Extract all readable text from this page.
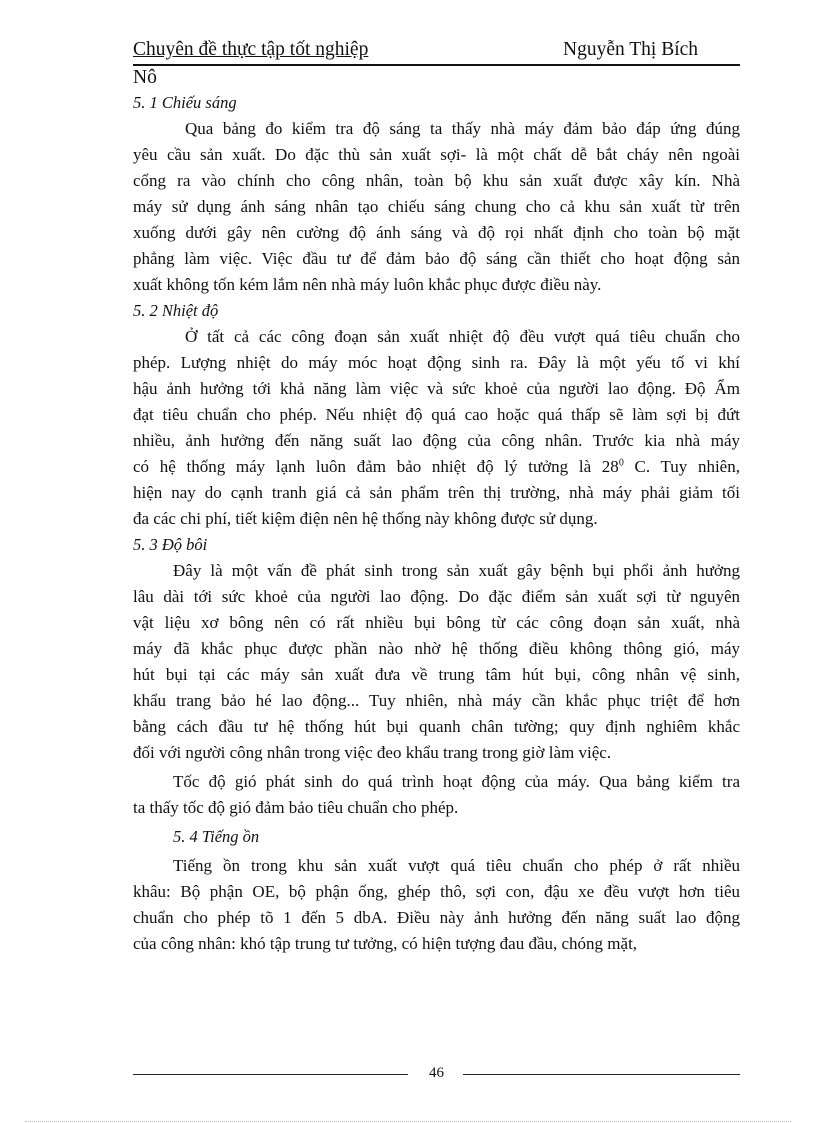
Chuyên đề thực tập tốt nghiệp	Nguyễn Thị Bích
Nô
5. 1 Chiếu sáng
Qua bảng đo kiểm tra độ sáng ta thấy nhà máy đảm bảo đáp ứng đúng
yêu cầu sản xuất. Do đặc thù sản xuất sợi- là một chất dễ bắt cháy nên ngoài
cổng ra vào chính cho công nhân, toàn bộ khu sản xuất được xây kín. Nhà
máy sử dụng ánh sáng nhân tạo chiếu sáng chung cho cả khu sản xuất từ trên
xuống dưới gây nên cường độ ánh sáng và độ rọi nhất định cho toàn bộ mặt
phẳng làm việc. Việc đầu tư để đảm bảo độ sáng cần thiết cho hoạt động sản
xuất không tốn kém lắm nên nhà máy luôn khắc phục được điều này.
5. 2 Nhiệt độ
Ở tất cả các công đoạn sản xuất nhiệt độ đều vượt quá tiêu chuẩn cho
phép. Lượng nhiệt do máy móc hoạt động sinh ra. Đây là một yếu tố vi khí
hậu ảnh hưởng tới khả năng làm việc và sức khoẻ của người lao động. Độ Ẩm
đạt tiêu chuẩn cho phép. Nếu nhiệt độ quá cao hoặc quá thấp sẽ làm sợi bị đứt
nhiều, ảnh hưởng đến năng suất lao động của công nhân. Trước kia nhà máy
có hệ thống máy lạnh luôn đảm bảo nhiệt độ lý tưởng là $28^0$ C. Tuy nhiên,
hiện nay do cạnh tranh giá cả sản phẩm trên thị trường, nhà máy phải giảm tối
đa các chi phí, tiết kiệm điện nên hệ thống này không được sử dụng.
5. 3 Độ bôi
Đây là một vấn đề phát sinh trong sản xuất gây bệnh bụi phổi ảnh hưởng
lâu dài tới sức khoẻ của người lao động. Do đặc điểm sản xuất sợi từ nguyên
vật liệu xơ bông nên có rất nhiều bụi bông từ các công đoạn sản xuất, nhà
máy đã khắc phục được phần nào nhờ hệ thống điều không thông gió, máy
hút bụi tại các máy sản xuất đưa về trung tâm hút bụi, công nhân vệ sinh,
khẩu trang bảo hé lao động... Tuy nhiên, nhà máy cần khắc phục triệt để hơn
bằng cách đầu tư hệ thống hút bụi quanh chân tường; quy định nghiêm khắc
đối với người công nhân trong việc đeo khẩu trang trong giờ làm việc.
Tốc độ gió phát sinh do quá trình hoạt động của máy. Qua bảng kiểm tra
ta thấy tốc độ gió đảm bảo tiêu chuẩn cho phép.
5. 4 Tiếng ồn
Tiếng ồn trong khu sản xuất vượt quá tiêu chuẩn cho phép ở rất nhiều
khâu: Bộ phận OE, bộ phận ống, ghép thô, sợi con, đậu xe đều vượt hơn tiêu
chuẩn cho phép tõ 1 đến 5 dbA. Điều này ảnh hưởng đến năng suất lao động
của công nhân: khó tập trung tư tưởng, có hiện tượng đau đầu, chóng mặt,
46
